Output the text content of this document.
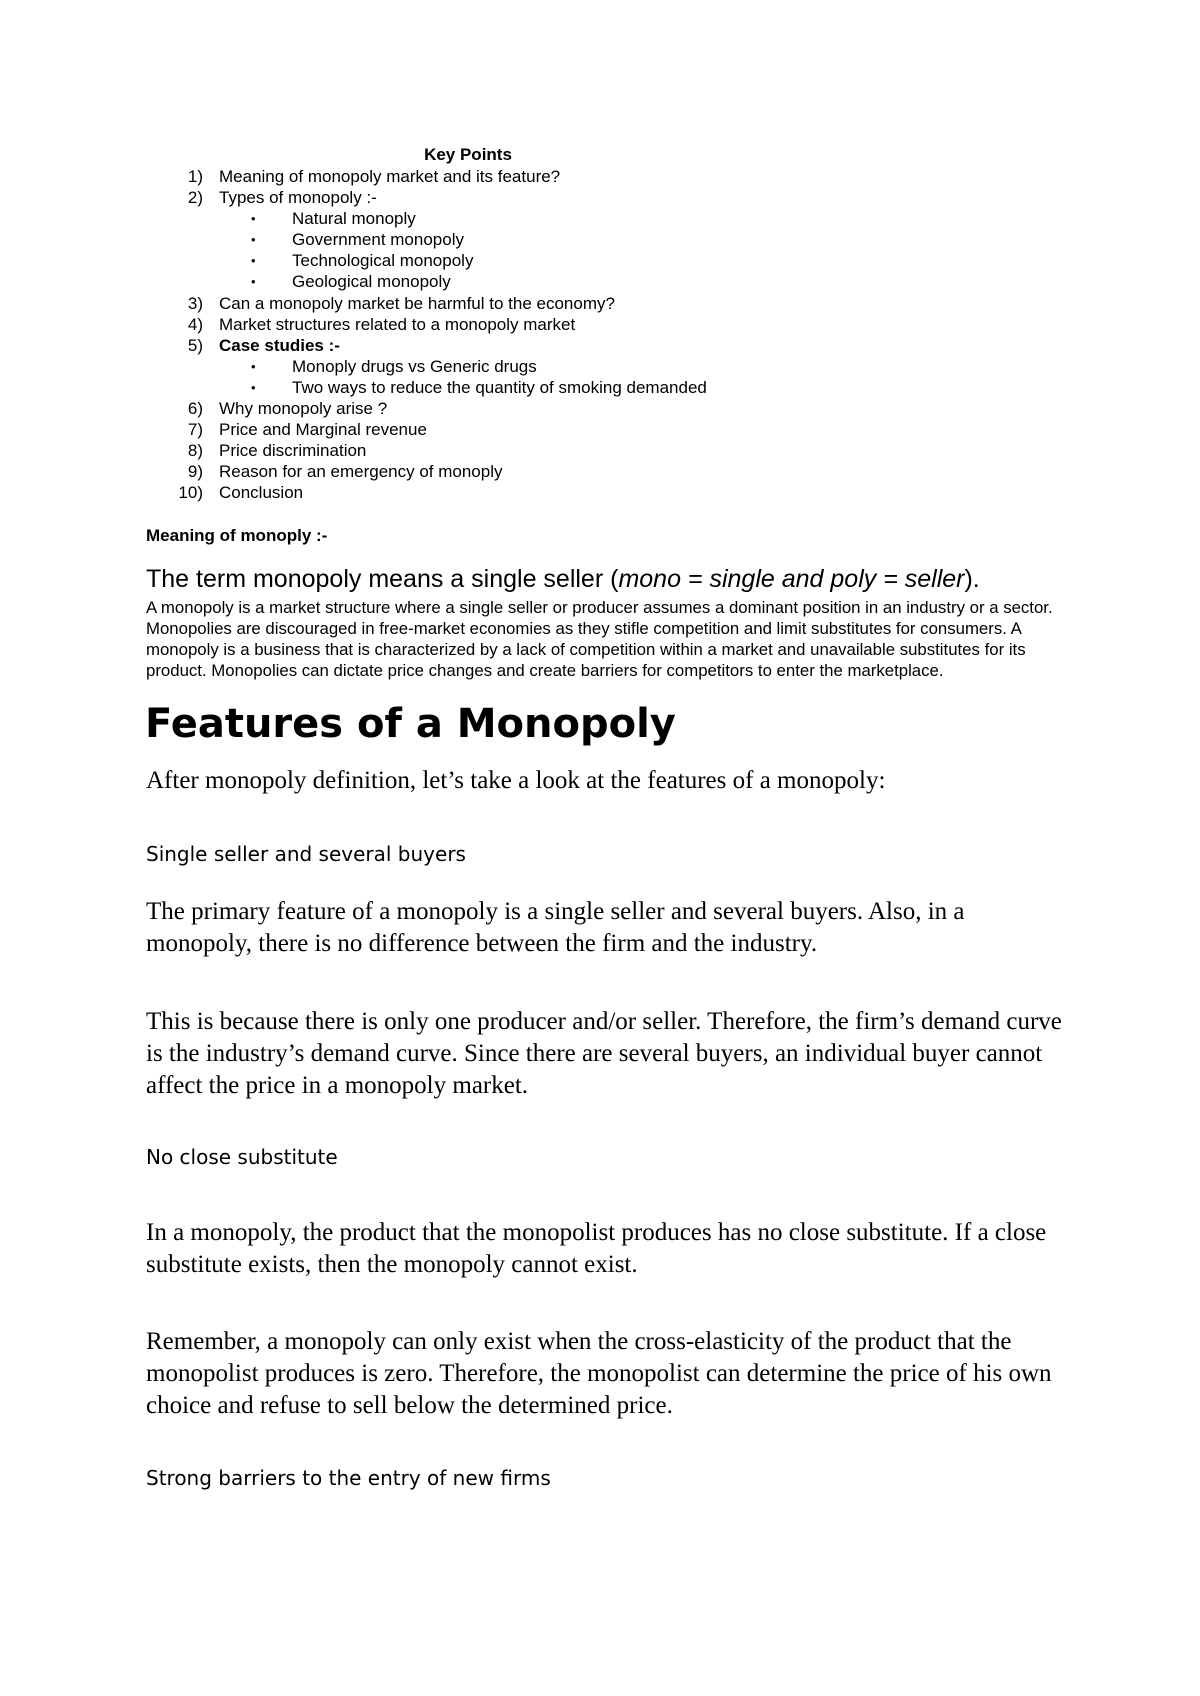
Key Points
1) Meaning of monopoly market and its feature?
2) Types of monopoly :-
• Natural monoply
• Government monopoly
• Technological monopoly
• Geological monopoly
3) Can a monopoly market be harmful to the economy?
4) Market structures related to a monopoly market
5) Case studies :-
• Monoply drugs vs Generic drugs
• Two ways to reduce the quantity of smoking demanded
6) Why monopoly arise ?
7) Price and Marginal revenue
8) Price discrimination
9) Reason for an emergency of monoply
10) Conclusion
Meaning of monoply :-
The term monopoly means a single seller (mono = single and poly = seller).
A monopoly is a market structure where a single seller or producer assumes a dominant position in an industry or a sector. Monopolies are discouraged in free-market economies as they stifle competition and limit substitutes for consumers. A monopoly is a business that is characterized by a lack of competition within a market and unavailable substitutes for its product. Monopolies can dictate price changes and create barriers for competitors to enter the marketplace.
Features of a Monopoly
After monopoly definition, let’s take a look at the features of a monopoly:
Single seller and several buyers
The primary feature of a monopoly is a single seller and several buyers. Also, in a monopoly, there is no difference between the firm and the industry.
This is because there is only one producer and/or seller. Therefore, the firm’s demand curve is the industry’s demand curve. Since there are several buyers, an individual buyer cannot affect the price in a monopoly market.
No close substitute
In a monopoly, the product that the monopolist produces has no close substitute. If a close substitute exists, then the monopoly cannot exist.
Remember, a monopoly can only exist when the cross-elasticity of the product that the monopolist produces is zero. Therefore, the monopolist can determine the price of his own choice and refuse to sell below the determined price.
Strong barriers to the entry of new firms
